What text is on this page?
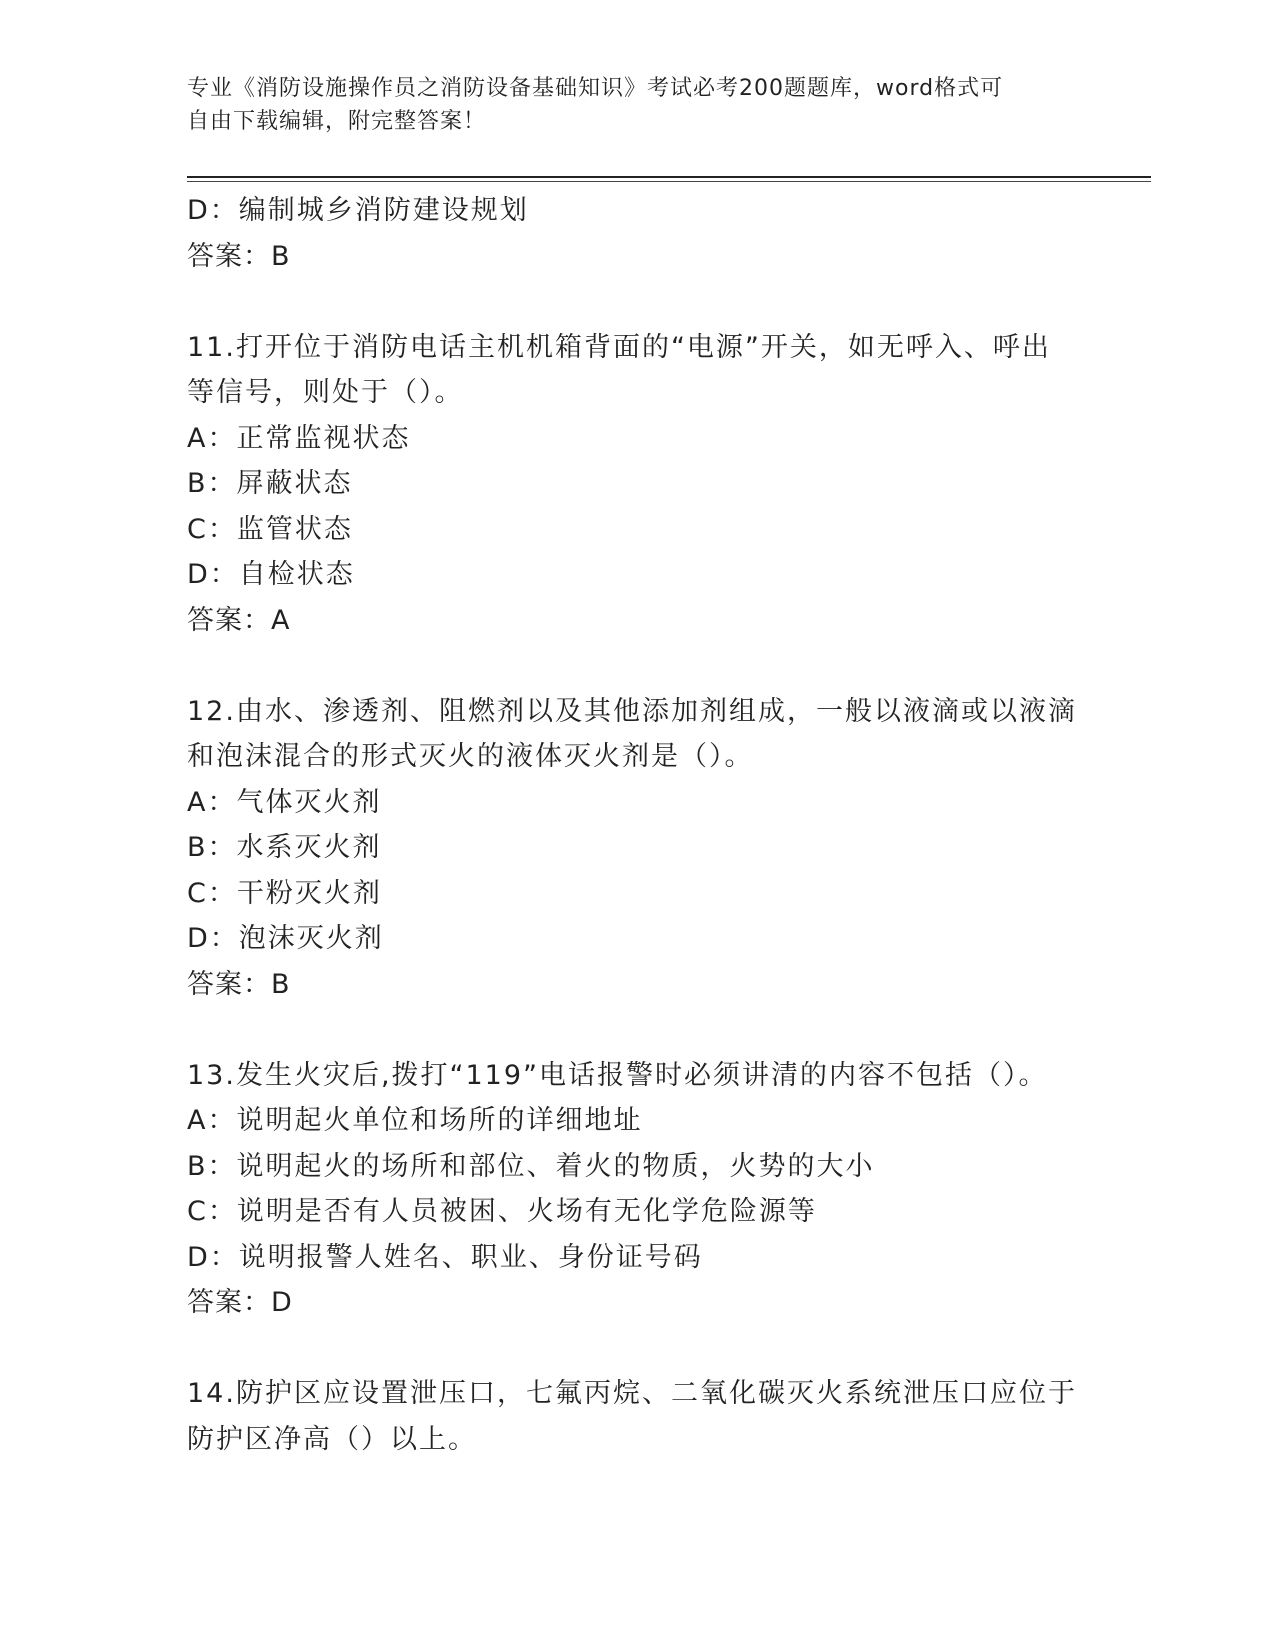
专业《消防设施操作员之消防设备基础知识》考试必考200题题库，word格式可

自由下载编辑，附完整答案！

D：编制城乡消防建设规划
答案：B
11.打开位于消防电话主机机箱背面的“电源”开关，如无呼入、呼出
等信号，则处于（）。
A：正常监视状态
B：屏蔽状态
C：监管状态
D：自检状态
答案：A
12.由水、渗透剂、阻燃剂以及其他添加剂组成，一般以液滴或以液滴
和泡沫混合的形式灭火的液体灭火剂是（）。
A：气体灭火剂
B：水系灭火剂
C：干粉灭火剂
D：泡沫灭火剂
答案：B
13.发生火灾后,拨打“119”电话报警时必须讲清的内容不包括（）。
A：说明起火单位和场所的详细地址
B：说明起火的场所和部位、着火的物质，火势的大小
C：说明是否有人员被困、火场有无化学危险源等
D：说明报警人姓名、职业、身份证号码
答案：D
14.防护区应设置泄压口，七氟丙烷、二氧化碳灭火系统泄压口应位于
防护区净高（）以上。
